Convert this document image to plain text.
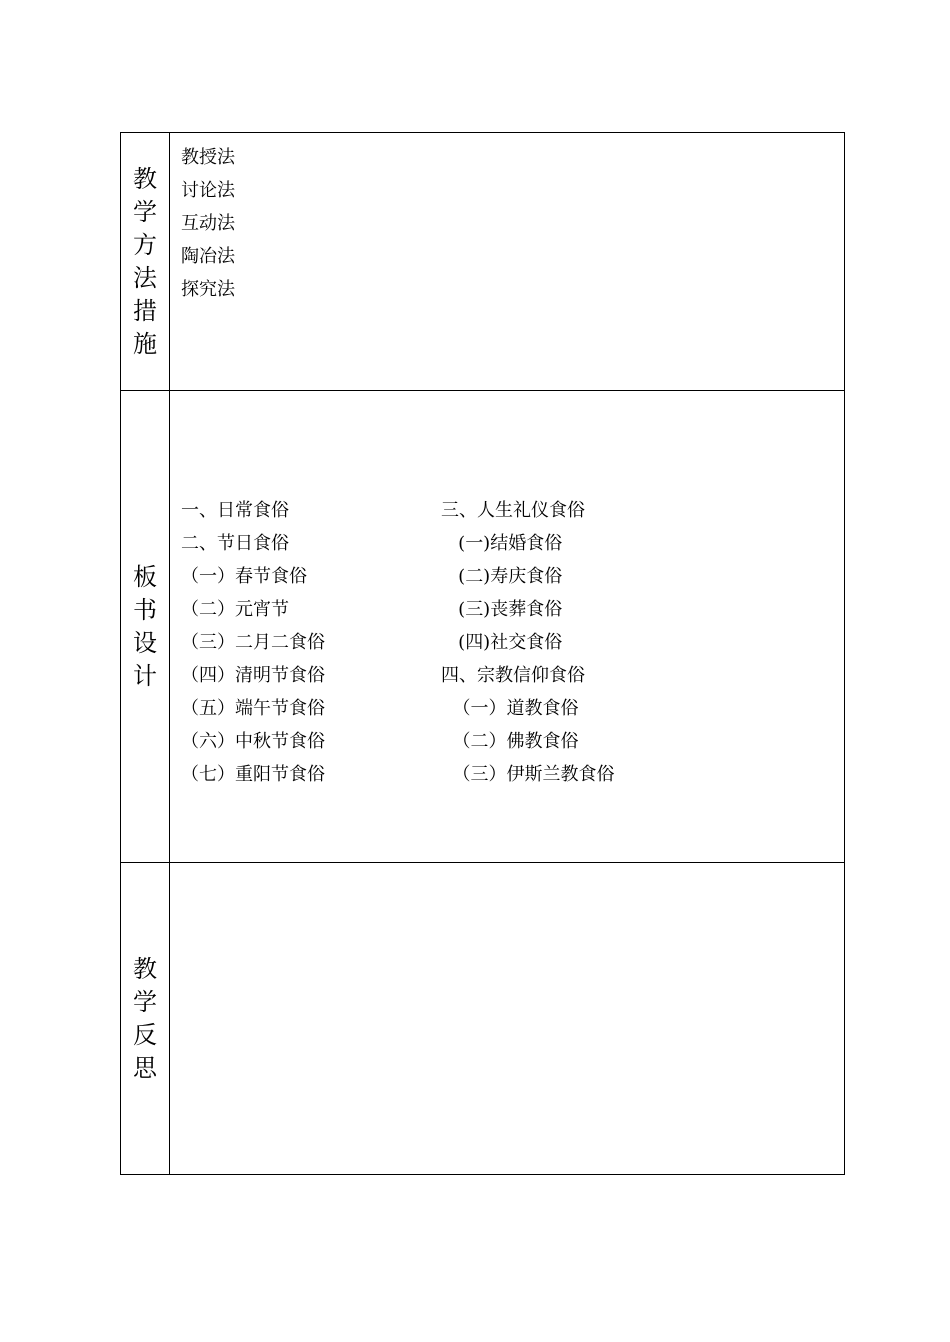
教
学
方
法
措
施
教授法
讨论法
互动法
陶冶法
探究法
板
书
设
计
一、日常食俗
二、节日食俗
（一）春节食俗
（二）元宵节
（三）二月二食俗
（四）清明节食俗
（五）端午节食俗
（六）中秋节食俗
（七）重阳节食俗
三、人生礼仪食俗
(一)结婚食俗
(二)寿庆食俗
(三)丧葬食俗
(四)社交食俗
四、宗教信仰食俗
（一）道教食俗
（二）佛教食俗
（三）伊斯兰教食俗
教
学
反
思
